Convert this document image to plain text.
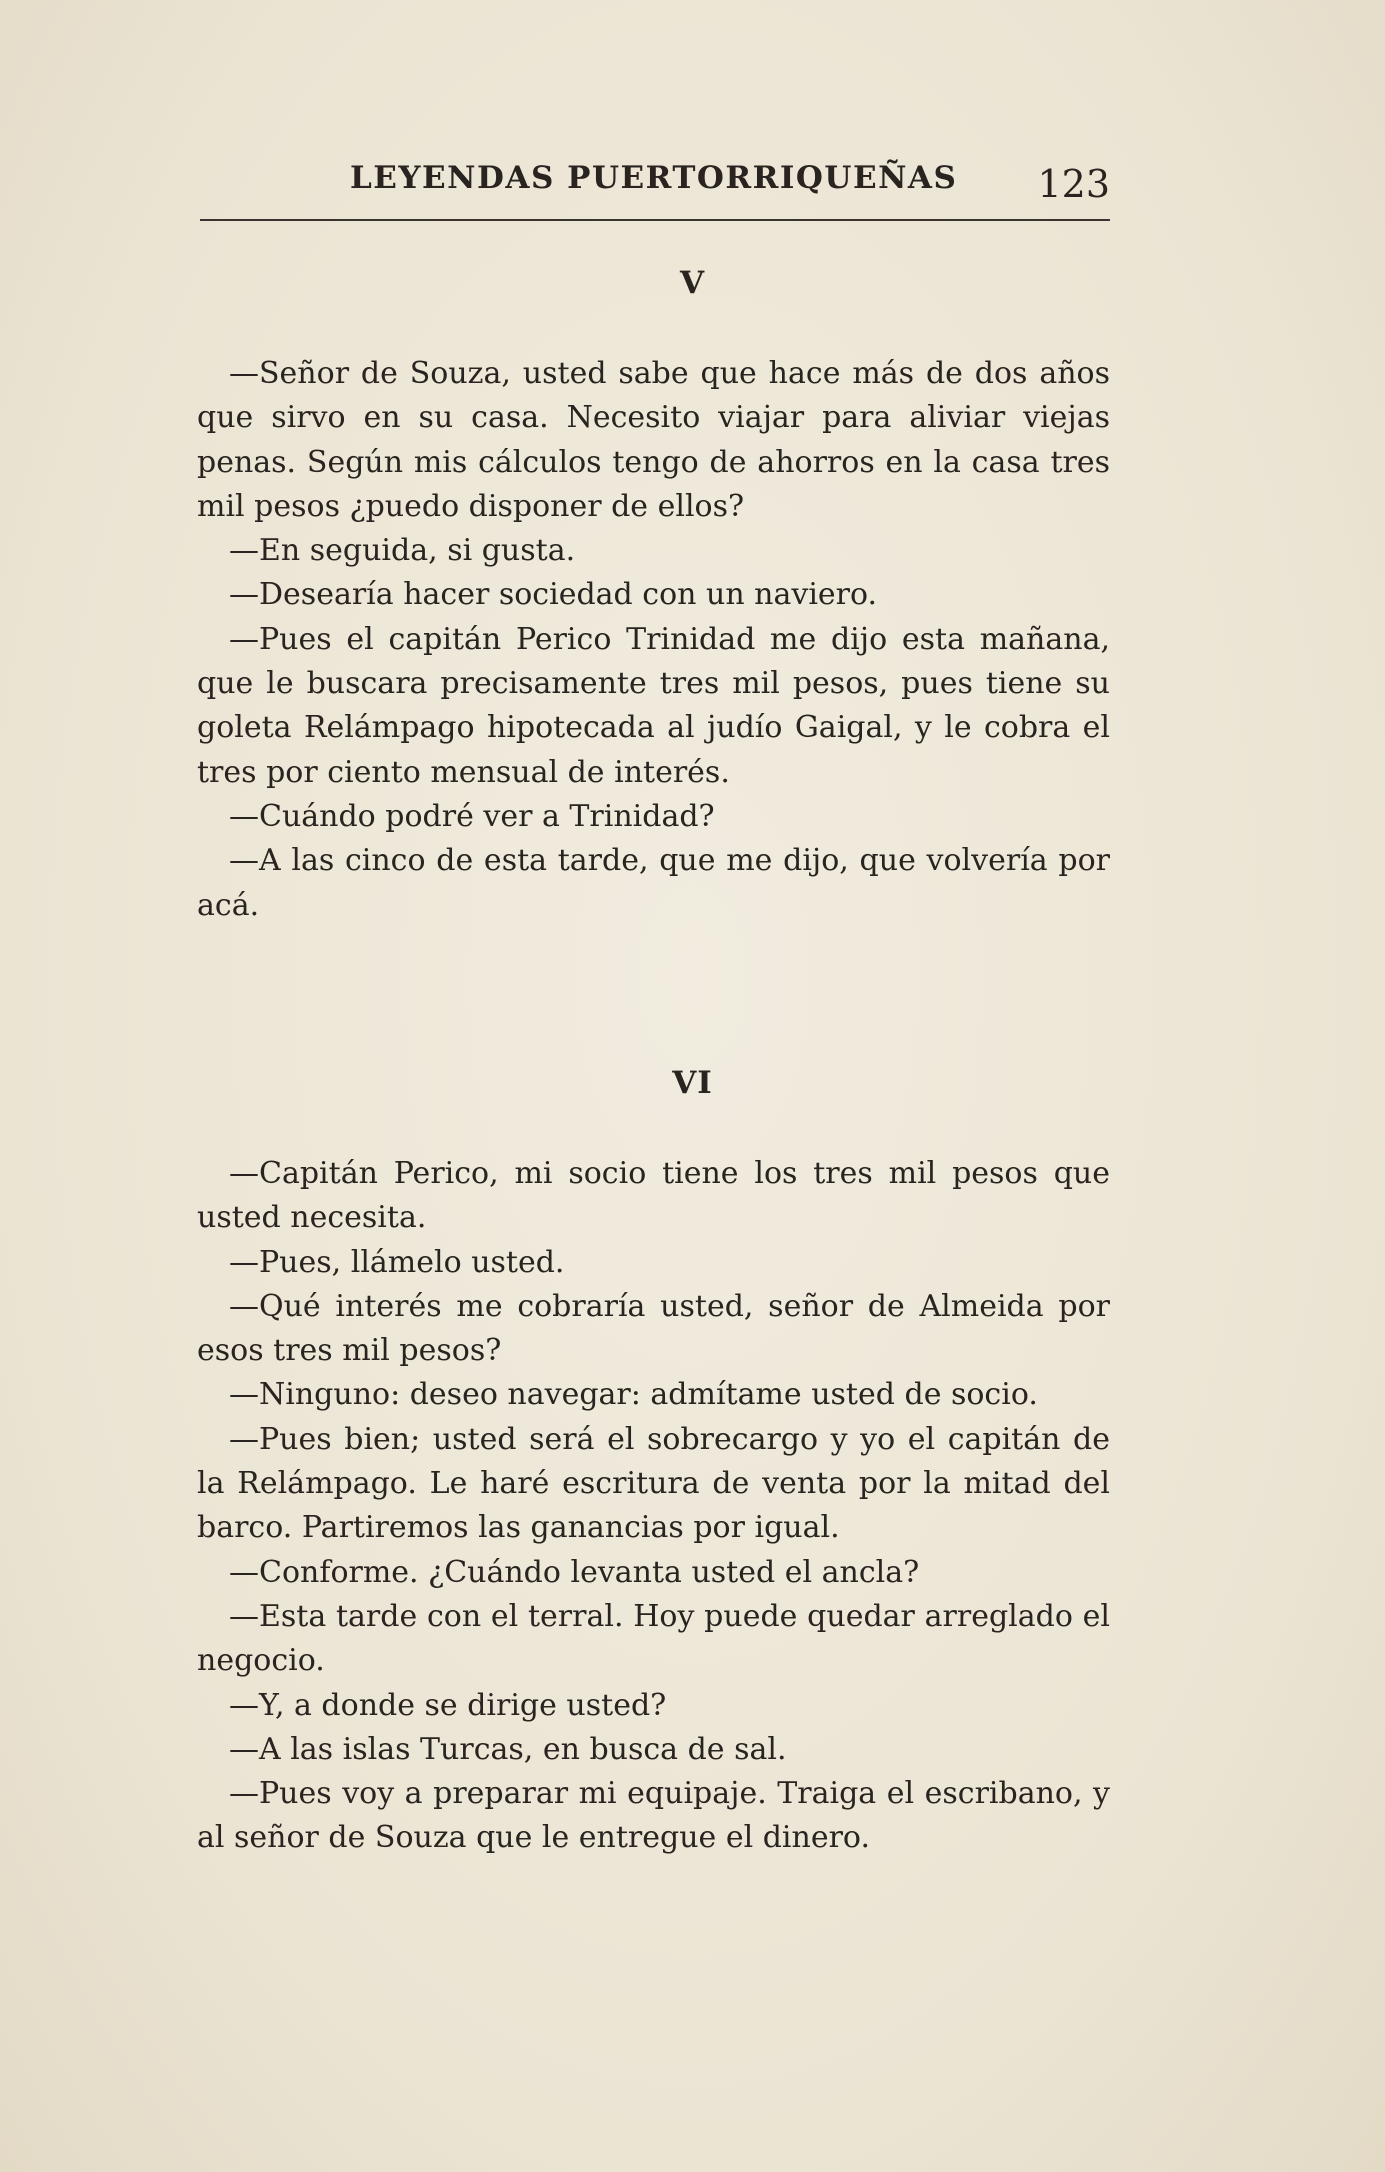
LEYENDAS PUERTORRIQUEÑAS 123
V

—Señor de Souza, usted sabe que hace más de dos años que sirvo en su casa. Necesito viajar para aliviar viejas penas. Según mis cálculos tengo de ahorros en la casa tres mil pesos ¿puedo disponer de ellos?

—En seguida, si gusta.

—Desearía hacer sociedad con un naviero.

—Pues el capitán Perico Trinidad me dijo esta mañana, que le buscara precisamente tres mil pesos, pues tiene su goleta Relámpago hipotecada al judío Gaigal, y le cobra el tres por ciento mensual de interés.

—Cuándo podré ver a Trinidad?

—A las cinco de esta tarde, que me dijo, que volvería por acá.

VI

—Capitán Perico, mi socio tiene los tres mil pesos que usted necesita.

—Pues, llámelo usted.

—Qué interés me cobraría usted, señor de Almeida por esos tres mil pesos?

—Ninguno: deseo navegar: admítame usted de socio.

—Pues bien; usted será el sobrecargo y yo el capitán de la Relámpago. Le haré escritura de venta por la mitad del barco. Partiremos las ganancias por igual.

—Conforme. ¿Cuándo levanta usted el ancla?

—Esta tarde con el terral. Hoy puede quedar arreglado el negocio.

—Y, a donde se dirige usted?

—A las islas Turcas, en busca de sal.

—Pues voy a preparar mi equipaje. Traiga el escribano, y al señor de Souza que le entregue el dinero.
